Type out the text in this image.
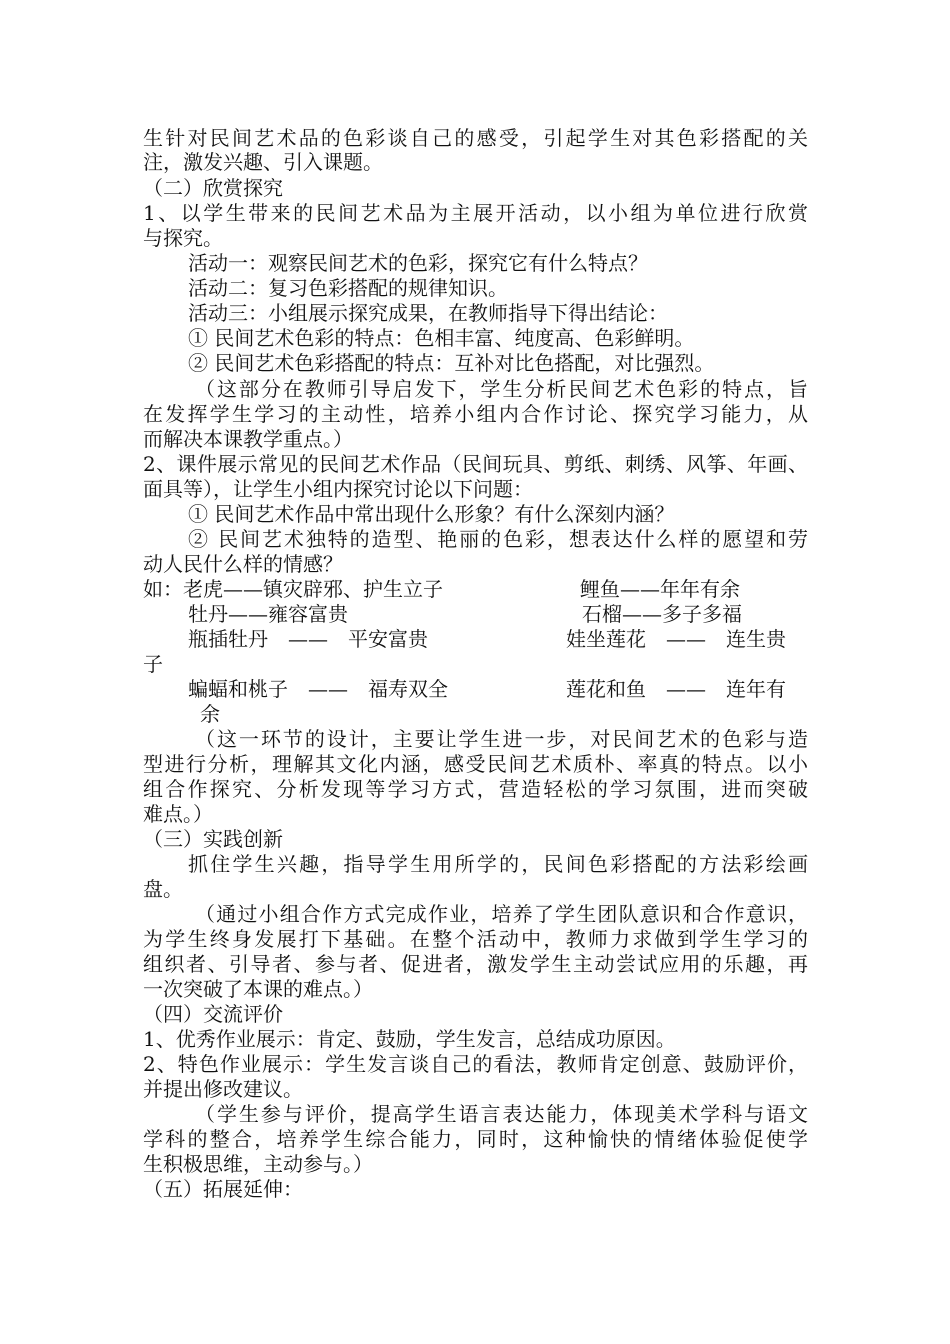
生针对民间艺术品的色彩谈自己的感受，引起学生对其色彩搭配的关
注，激发兴趣、引入课题。
（二）欣赏探究
1、以学生带来的民间艺术品为主展开活动，以小组为单位进行欣赏
与探究。
活动一：观察民间艺术的色彩，探究它有什么特点？
活动二：复习色彩搭配的规律知识。
活动三：小组展示探究成果，在教师指导下得出结论：
① 民间艺术色彩的特点：色相丰富、纯度高、色彩鲜明。
② 民间艺术色彩搭配的特点：互补对比色搭配，对比强烈。
（这部分在教师引导启发下，学生分析民间艺术色彩的特点，旨
在发挥学生学习的主动性，培养小组内合作讨论、探究学习能力，从
而解决本课教学重点。）
2、课件展示常见的民间艺术作品（民间玩具、剪纸、刺绣、风筝、年画、
面具等），让学生小组内探究讨论以下问题：
① 民间艺术作品中常出现什么形象？有什么深刻内涵？
② 民间艺术独特的造型、艳丽的色彩，想表达什么样的愿望和劳
动人民什么样的情感？
如：老虎——镇灾辟邪、护生立子	鲤鱼——年年有余
牡丹——雍容富贵	石榴——多子多福
瓶插牡丹　——　平安富贵	娃坐莲花　——　连生贵
子
蝙蝠和桃子　——　福寿双全	莲花和鱼　——　连年有
余
（这一环节的设计，主要让学生进一步，对民间艺术的色彩与造
型进行分析，理解其文化内涵，感受民间艺术质朴、率真的特点。以小
组合作探究、分析发现等学习方式，营造轻松的学习氛围，进而突破
难点。）
（三）实践创新
抓住学生兴趣，指导学生用所学的，民间色彩搭配的方法彩绘画
盘。
（通过小组合作方式完成作业，培养了学生团队意识和合作意识，
为学生终身发展打下基础。在整个活动中，教师力求做到学生学习的
组织者、引导者、参与者、促进者，激发学生主动尝试应用的乐趣，再
一次突破了本课的难点。）
（四）交流评价
1、优秀作业展示：肯定、鼓励，学生发言，总结成功原因。
2、特色作业展示：学生发言谈自己的看法，教师肯定创意、鼓励评价，
并提出修改建议。
（学生参与评价，提高学生语言表达能力，体现美术学科与语文
学科的整合，培养学生综合能力，同时，这种愉快的情绪体验促使学
生积极思维，主动参与。）
（五）拓展延伸：
